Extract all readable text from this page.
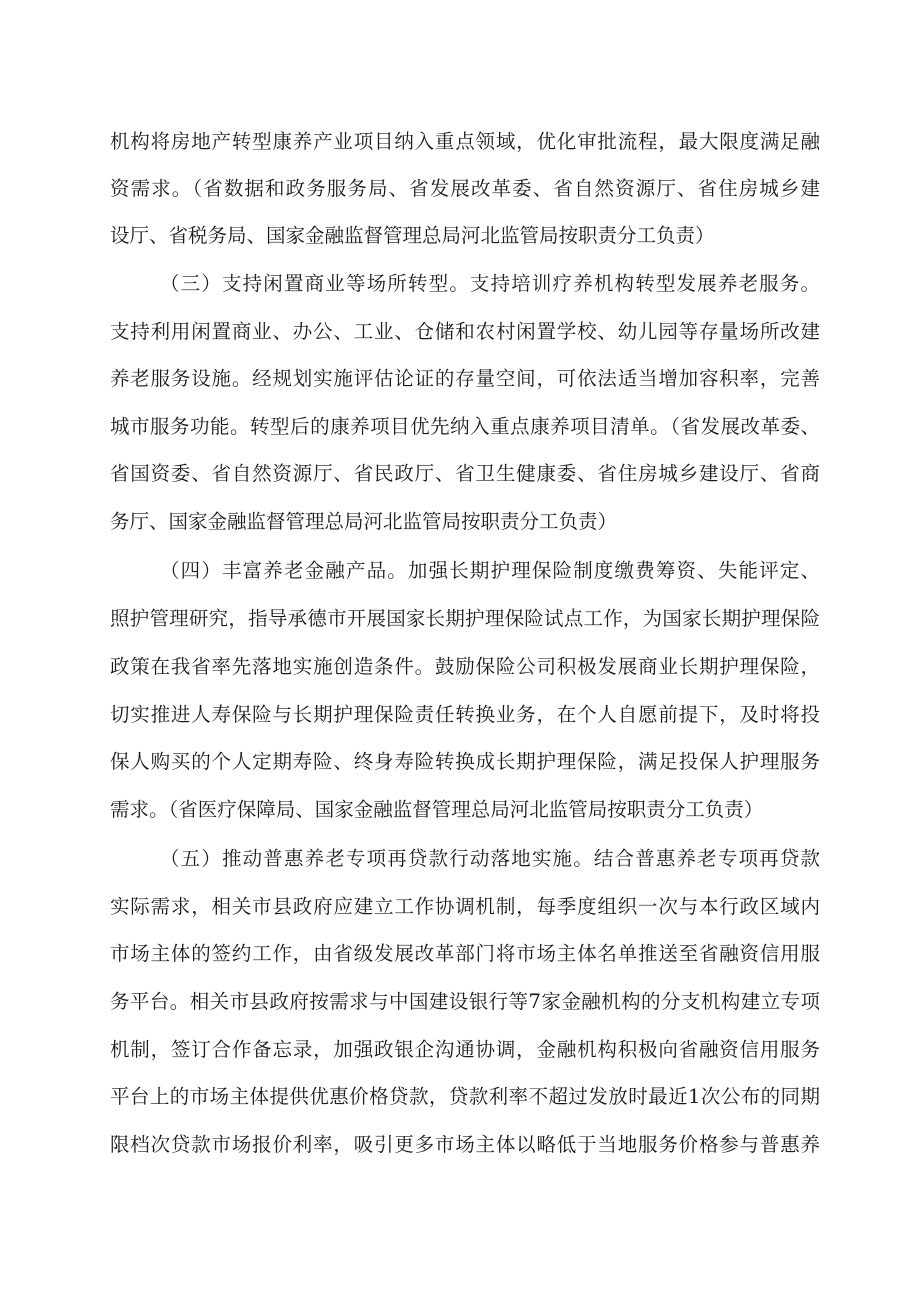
机构将房地产转型康养产业项目纳入重点领域，优化审批流程，最大限度满足融
资需求。（省数据和政务服务局、省发展改革委、省自然资源厅、省住房城乡建
设厅、省税务局、国家金融监督管理总局河北监管局按职责分工负责）
（三）支持闲置商业等场所转型。支持培训疗养机构转型发展养老服务。
支持利用闲置商业、办公、工业、仓储和农村闲置学校、幼儿园等存量场所改建
养老服务设施。经规划实施评估论证的存量空间，可依法适当增加容积率，完善
城市服务功能。转型后的康养项目优先纳入重点康养项目清单。（省发展改革委、
省国资委、省自然资源厅、省民政厅、省卫生健康委、省住房城乡建设厅、省商
务厅、国家金融监督管理总局河北监管局按职责分工负责）
（四）丰富养老金融产品。加强长期护理保险制度缴费筹资、失能评定、
照护管理研究，指导承德市开展国家长期护理保险试点工作，为国家长期护理保险
政策在我省率先落地实施创造条件。鼓励保险公司积极发展商业长期护理保险，
切实推进人寿保险与长期护理保险责任转换业务，在个人自愿前提下，及时将投
保人购买的个人定期寿险、终身寿险转换成长期护理保险，满足投保人护理服务
需求。（省医疗保障局、国家金融监督管理总局河北监管局按职责分工负责）
（五）推动普惠养老专项再贷款行动落地实施。结合普惠养老专项再贷款
实际需求，相关市县政府应建立工作协调机制，每季度组织一次与本行政区域内
市场主体的签约工作，由省级发展改革部门将市场主体名单推送至省融资信用服
务平台。相关市县政府按需求与中国建设银行等7家金融机构的分支机构建立专项
机制，签订合作备忘录，加强政银企沟通协调，金融机构积极向省融资信用服务
平台上的市场主体提供优惠价格贷款，贷款利率不超过发放时最近1次公布的同期
限档次贷款市场报价利率，吸引更多市场主体以略低于当地服务价格参与普惠养
